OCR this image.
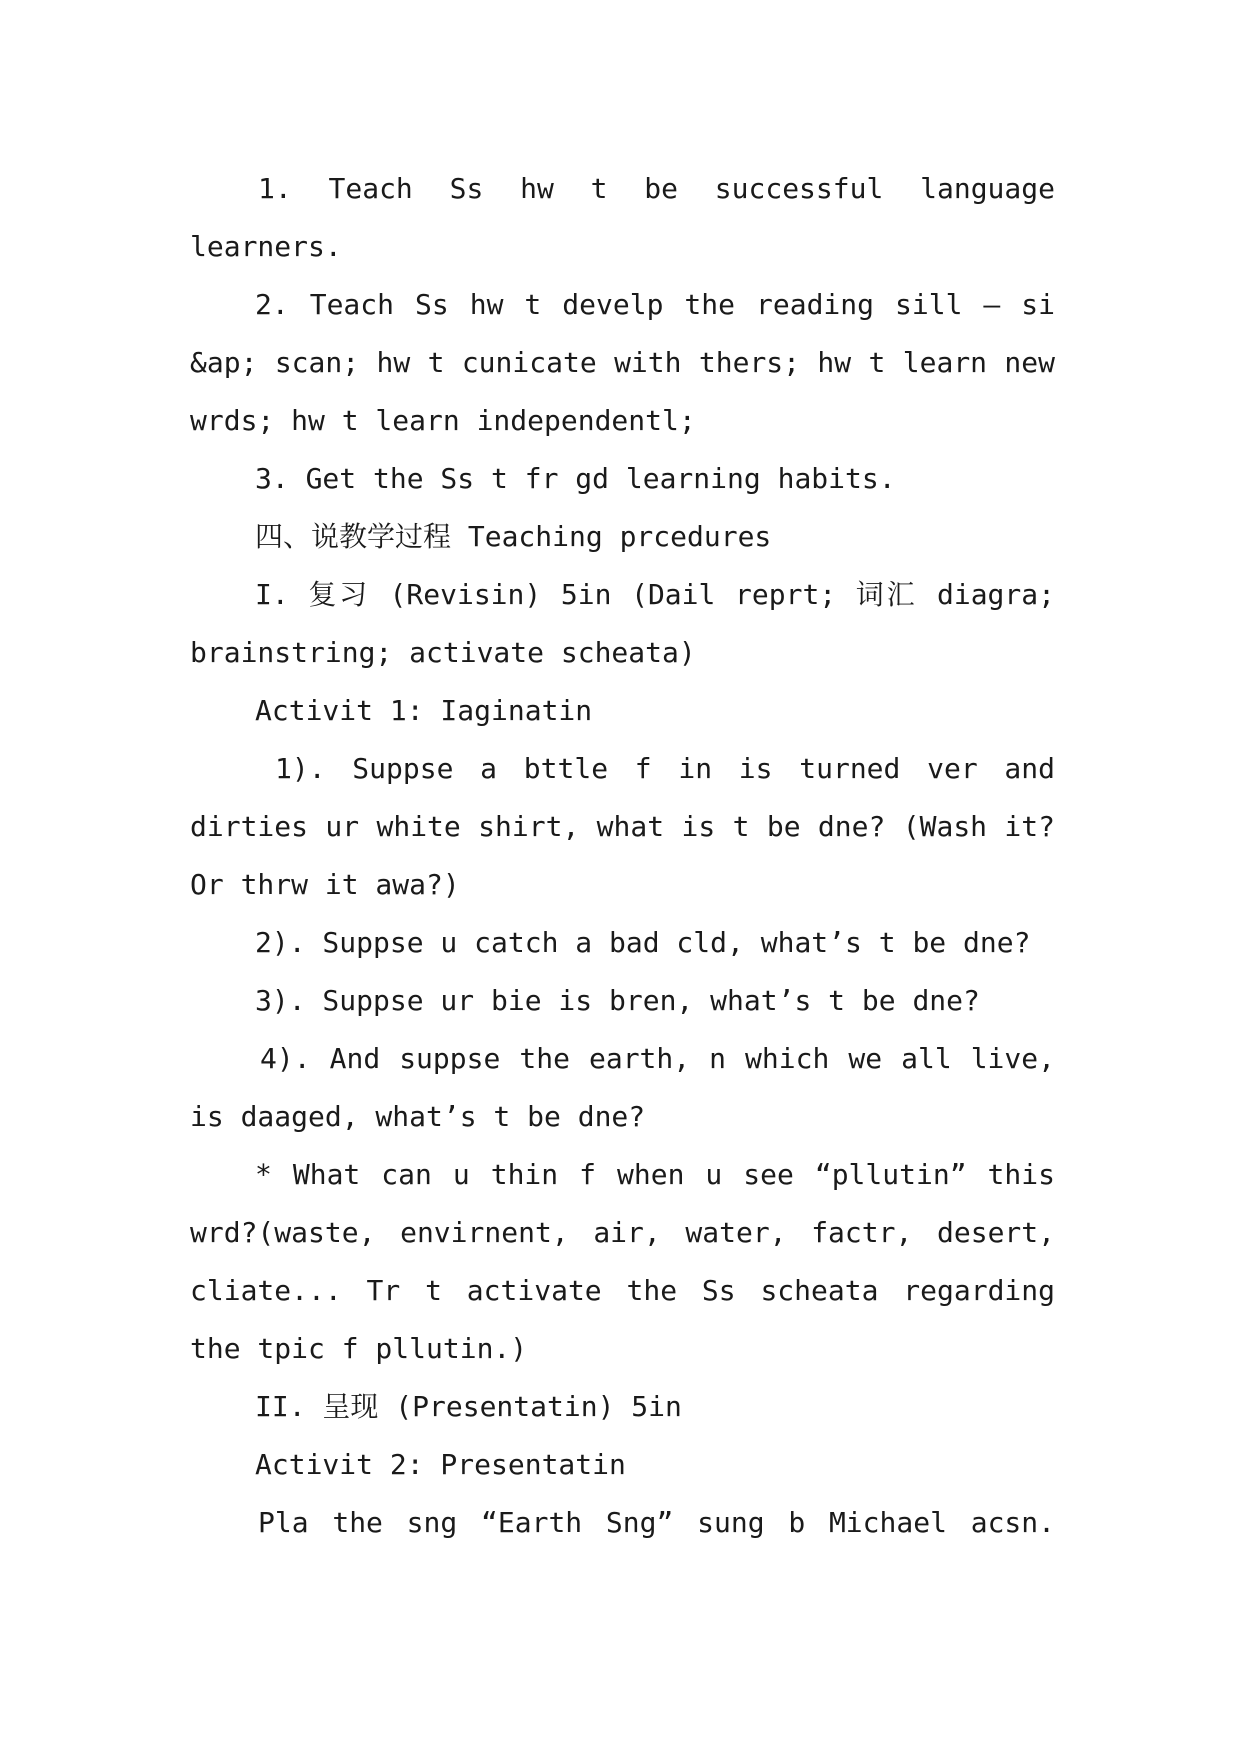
1. Teach Ss hw t be successful language
learners.
2. Teach Ss hw t develp the reading sill — si
&ap; scan; hw t cunicate with thers; hw t learn new
wrds; hw t learn independentl;
3. Get the Ss t fr gd learning habits.
四、说教学过程 Teaching prcedures
I. 复习 (Revisin) 5in (Dail reprt; 词汇 diagra;
brainstring; activate scheata)
Activit 1: Iaginatin
1). Suppse a bttle f in is turned ver and
dirties ur white shirt, what is t be dne? (Wash it?
Or thrw it awa?)
2). Suppse u catch a bad cld, what’s t be dne?
3). Suppse ur bie is bren, what’s t be dne?
4). And suppse the earth, n which we all live,
is daaged, what’s t be dne?
* What can u thin f when u see “pllutin” this
wrd?(waste, envirnent, air, water, factr, desert,
cliate... Tr t activate the Ss scheata regarding
the tpic f pllutin.)
II. 呈现 (Presentatin) 5in
Activit 2: Presentatin
Pla the sng “Earth Sng” sung b Michael acsn.
